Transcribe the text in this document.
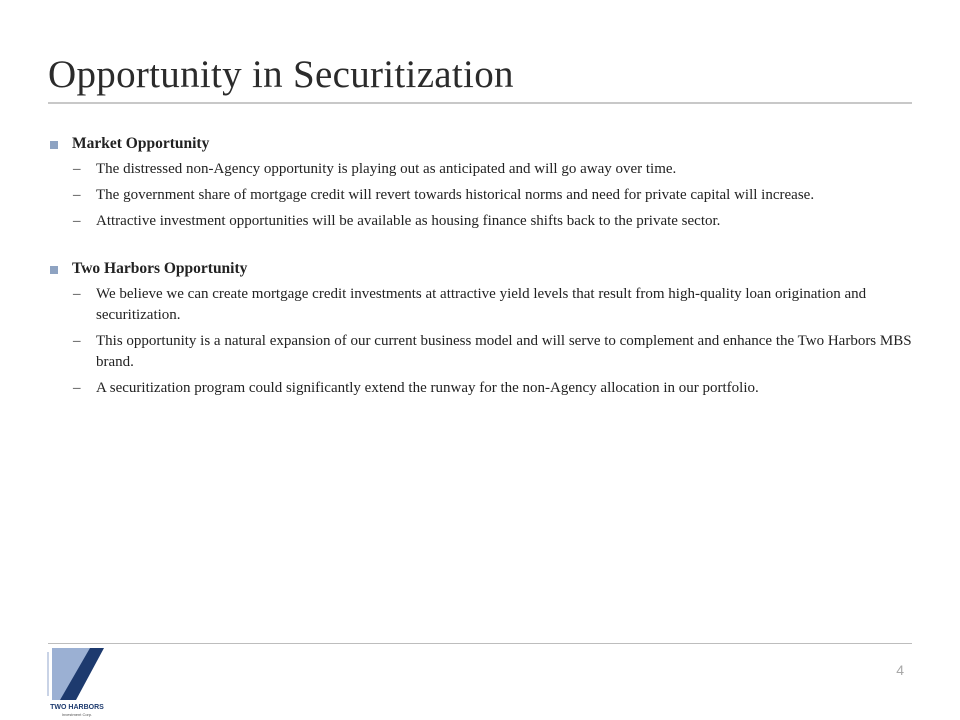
Opportunity in Securitization
Market Opportunity
– The distressed non-Agency opportunity is playing out as anticipated and will go away over time.
– The government share of mortgage credit will revert towards historical norms and need for private capital will increase.
– Attractive investment opportunities will be available as housing finance shifts back to the private sector.
Two Harbors Opportunity
– We believe we can create mortgage credit investments at attractive yield levels that result from high-quality loan origination and securitization.
– This opportunity is a natural expansion of our current business model and will serve to complement and enhance the Two Harbors MBS brand.
– A securitization program could significantly extend the runway for the non-Agency allocation in our portfolio.
TWO HARBORS
Investment Corp.
4
